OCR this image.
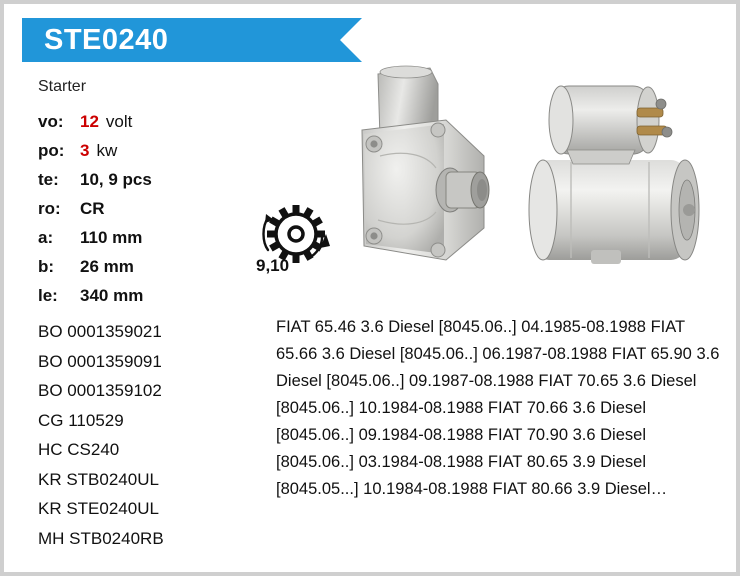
STE0240
Starter
vo: 12 volt
po: 3 kw
te:	10, 9 pcs
ro:	CR
a:	110 mm
b:	26 mm
le:	340 mm
BO 0001359021
BO 0001359091
BO 0001359102
CG 110529
HC CS240
KR STB0240UL
KR STE0240UL
MH STB0240RB
9,10
FIAT 65.46 3.6 Diesel [8045.06..] 04.1985-08.1988 FIAT 65.66 3.6 Diesel [8045.06..] 06.1987-08.1988 FIAT 65.90 3.6 Diesel [8045.06..] 09.1987-08.1988 FIAT 70.65 3.6 Diesel [8045.06..] 10.1984-08.1988 FIAT 70.66 3.6 Diesel [8045.06..] 09.1984-08.1988 FIAT 70.90 3.6 Diesel [8045.06..] 03.1984-08.1988 FIAT 80.65 3.9 Diesel [8045.05...] 10.1984-08.1988 FIAT 80.66 3.9 Diesel…
